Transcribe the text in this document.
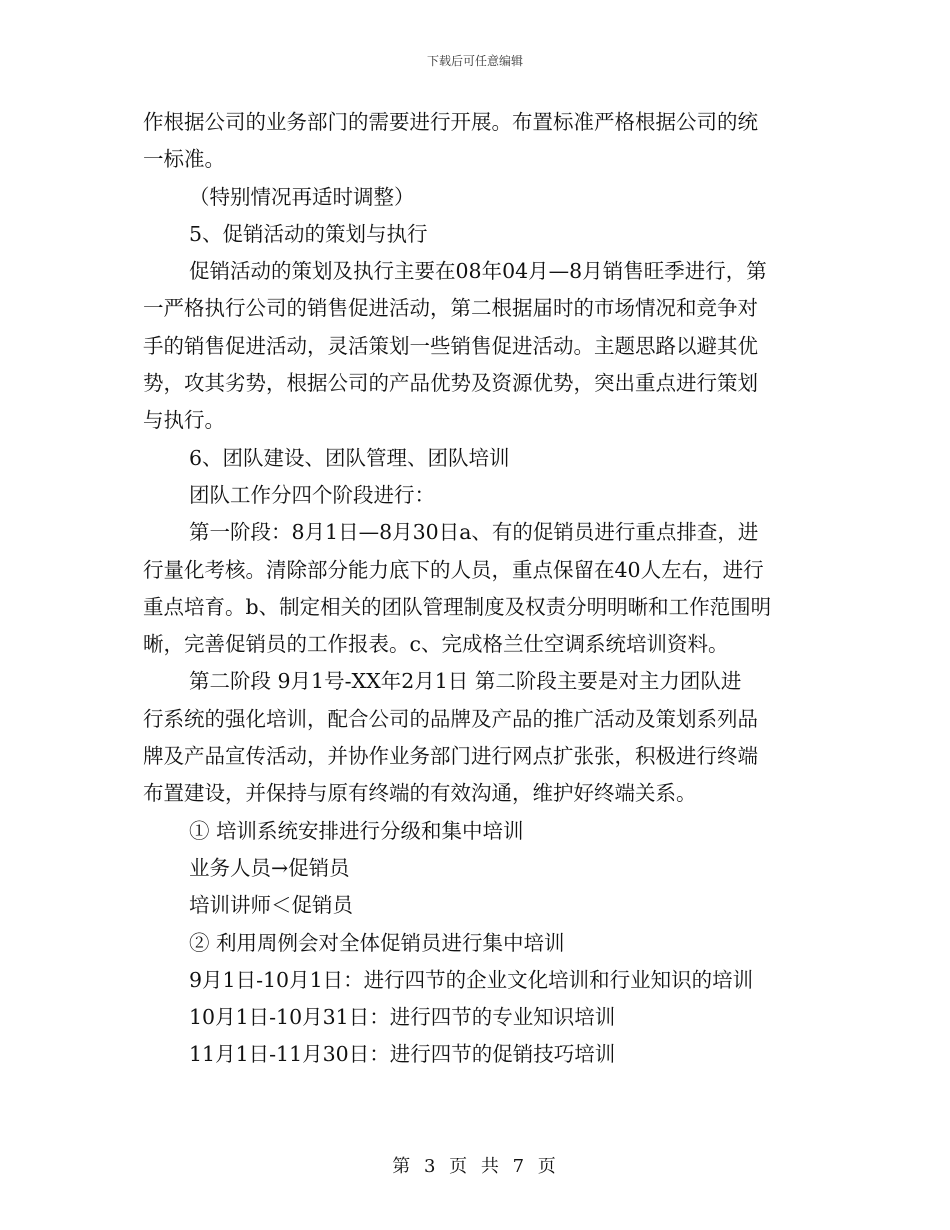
下载后可任意编辑
作根据公司的业务部门的需要进行开展。布置标准严格根据公司的统
一标准。
（特别情况再适时调整）
5、促销活动的策划与执行
促销活动的策划及执行主要在08年04月—8月销售旺季进行，第
一严格执行公司的销售促进活动，第二根据届时的市场情况和竞争对
手的销售促进活动，灵活策划一些销售促进活动。主题思路以避其优
势，攻其劣势，根据公司的产品优势及资源优势，突出重点进行策划
与执行。
6、团队建设、团队管理、团队培训
团队工作分四个阶段进行：
第一阶段：8月1日—8月30日a、有的促销员进行重点排查，进
行量化考核。清除部分能力底下的人员，重点保留在40人左右，进行
重点培育。b、制定相关的团队管理制度及权责分明明晰和工作范围明
晰，完善促销员的工作报表。c、完成格兰仕空调系统培训资料。
第二阶段 9月1号-XX年2月1日 第二阶段主要是对主力团队进
行系统的强化培训，配合公司的品牌及产品的推广活动及策划系列品
牌及产品宣传活动，并协作业务部门进行网点扩张张，积极进行终端
布置建设，并保持与原有终端的有效沟通，维护好终端关系。
① 培训系统安排进行分级和集中培训
业务人员→促销员
培训讲师＜促销员
② 利用周例会对全体促销员进行集中培训
9月1日-10月1日：进行四节的企业文化培训和行业知识的培训
10月1日-10月31日：进行四节的专业知识培训
11月1日-11月30日：进行四节的促销技巧培训
第 3 页 共 7 页
